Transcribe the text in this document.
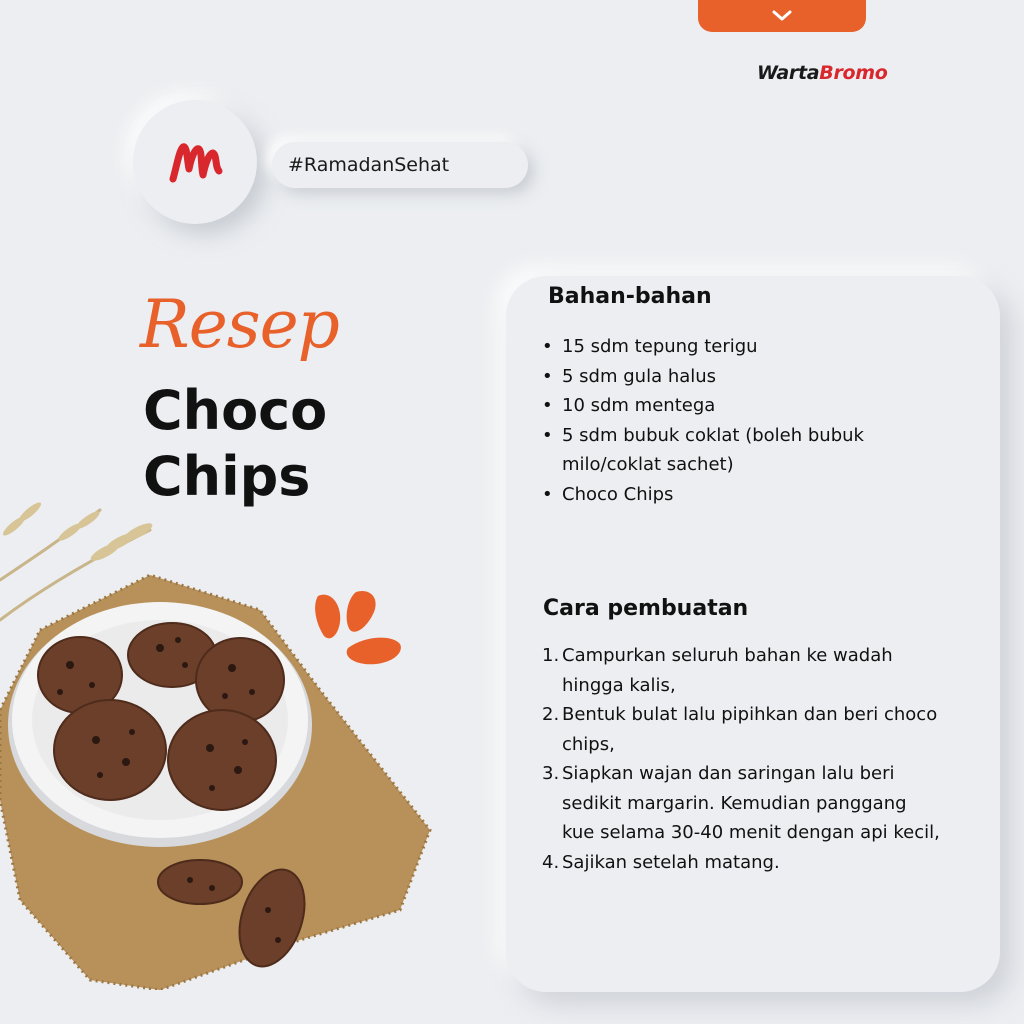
WartaBromo
#RamadanSehat
Resep
Choco
Chips
Bahan-bahan
• 15 sdm tepung terigu
• 5 sdm gula halus
• 10 sdm mentega
• 5 sdm bubuk coklat (boleh bubuk milo/coklat sachet)
• Choco Chips
Cara pembuatan
1. Campurkan seluruh bahan ke wadah hingga kalis,
2. Bentuk bulat lalu pipihkan dan beri choco chips,
3. Siapkan wajan dan saringan lalu beri sedikit margarin. Kemudian panggang kue selama 30-40 menit dengan api kecil,
4. Sajikan setelah matang.
